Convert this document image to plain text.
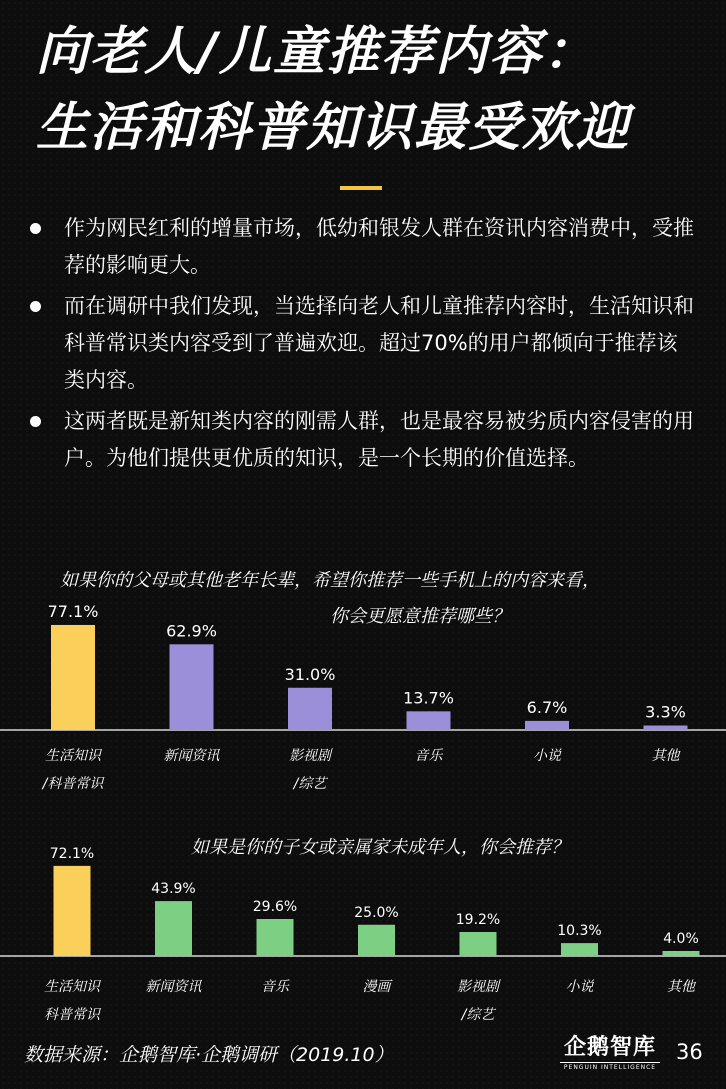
向老人/儿童推荐内容：
生活和科普知识最受欢迎
作为网民红利的增量市场，低幼和银发人群在资讯内容消费中，受推荐的影响更大。
而在调研中我们发现，当选择向老人和儿童推荐内容时，生活知识和科普常识类内容受到了普遍欢迎。超过70%的用户都倾向于推荐该类内容。
这两者既是新知类内容的刚需人群，也是最容易被劣质内容侵害的用户。为他们提供更优质的知识，是一个长期的价值选择。
如果你的父母或其他老年长辈，希望你推荐一些手机上的内容来看，
你会更愿意推荐哪些？
77.1%
生活知识
/科普常识
62.9%
新闻资讯
31.0%
影视剧
/综艺
13.7%
音乐
6.7%
小说
3.3%
其他
如果是你的子女或亲属家未成年人，你会推荐？
72.1%
生活知识
科普常识
43.9%
新闻资讯
29.6%
音乐
25.0%
漫画
19.2%
影视剧
/综艺
10.3%
小说
4.0%
其他
数据来源：企鹅智库·企鹅调研（2019.10）	企鹅智库
PENGUIN INTELLIGENCE
36
